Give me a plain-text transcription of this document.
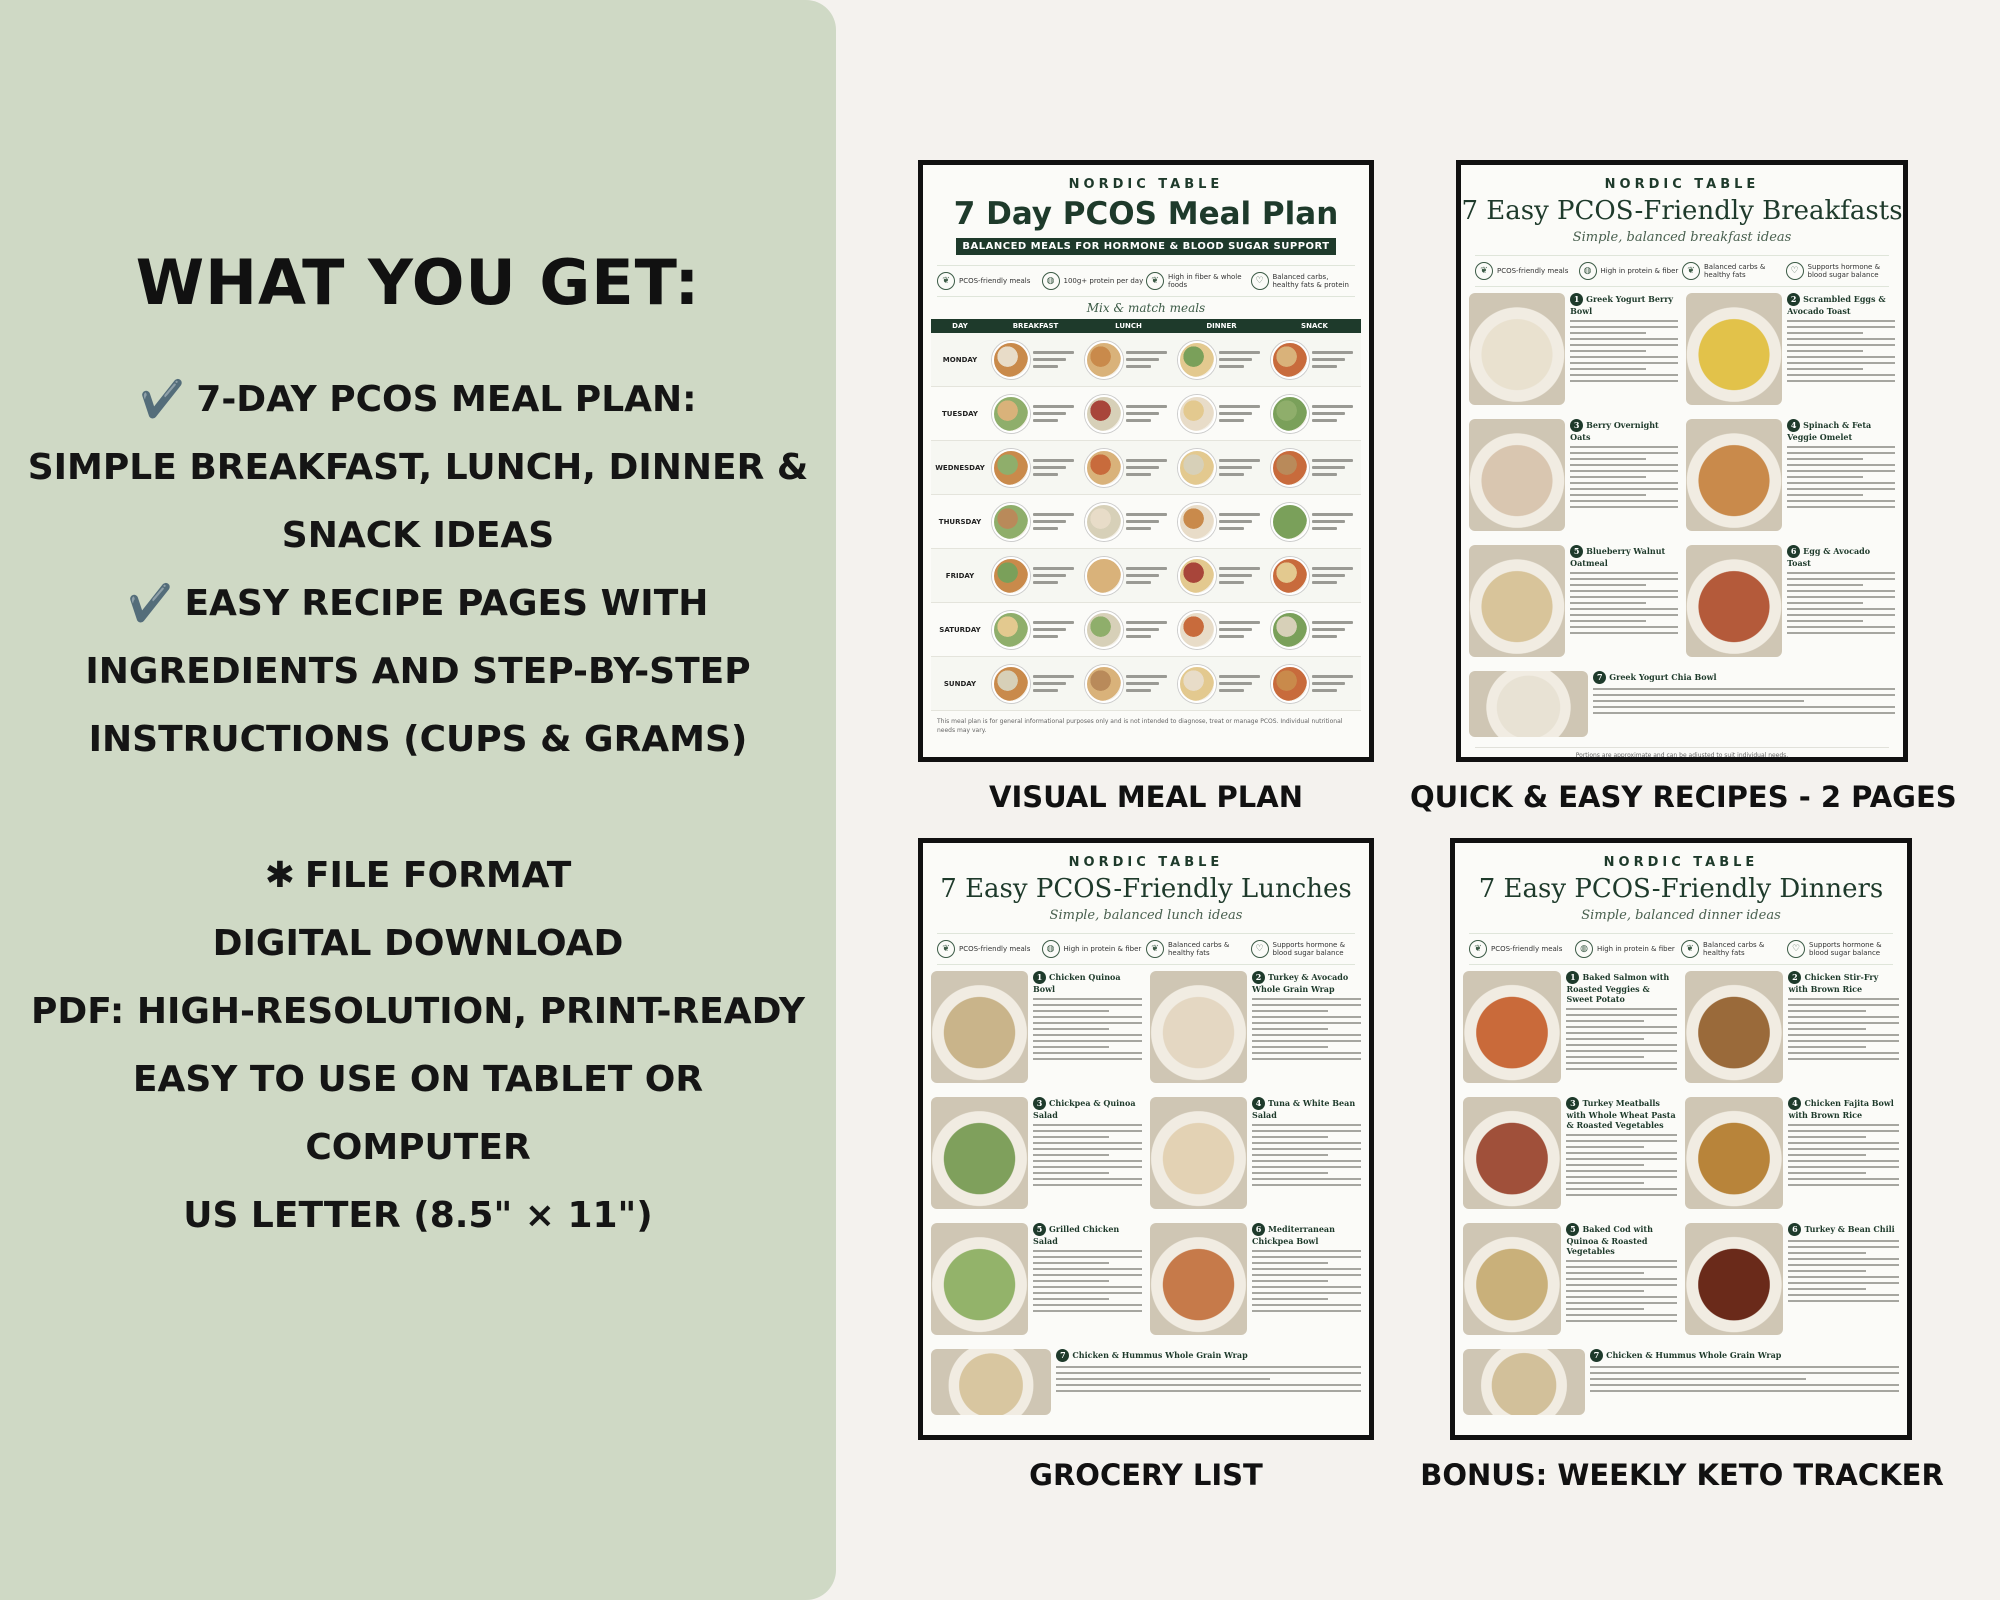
WHAT YOU GET:
✔️ 7-DAY PCOS MEAL PLAN:
SIMPLE BREAKFAST, LUNCH, DINNER &
SNACK IDEAS
✔️ EASY RECIPE PAGES WITH
INGREDIENTS AND STEP-BY-STEP
INSTRUCTIONS (CUPS & GRAMS)
✱ FILE FORMAT
DIGITAL DOWNLOAD
PDF: HIGH-RESOLUTION, PRINT-READY
EASY TO USE ON TABLET OR
COMPUTER
US LETTER (8.5" × 11")
NORDIC TABLE
7 Day PCOS Meal Plan
BALANCED MEALS FOR HORMONE & BLOOD SUGAR SUPPORT
❦	PCOS-friendly meals	◍	100g+ protein per day ❦	High in fiber & whole foods	♡	Balanced carbs, healthy fats & protein
Mix & match meals
DAY	BREAKFAST	LUNCH	DINNER	SNACK
MONDAY
TUESDAY
WEDNESDAY
THURSDAY
FRIDAY
SATURDAY
SUNDAY
This meal plan is for general informational purposes only and is not intended to diagnose, treat or manage PCOS. Individual nutritional needs may vary.
VISUAL MEAL PLAN
NORDIC TABLE
7 Easy PCOS-Friendly Breakfasts
Simple, balanced breakfast ideas
❦	PCOS-friendly meals	◍	High in protein & fiber ❦	Balanced carbs & healthy fats	♡	Supports hormone & blood sugar balance
1 Greek Yogurt Berry Bowl
2 Scrambled Eggs & Avocado Toast
3 Berry Overnight Oats
4 Spinach & Feta Veggie Omelet
5 Blueberry Walnut Oatmeal
6 Egg & Avocado Toast
7 Greek Yogurt Chia Bowl
Portions are approximate and can be adjusted to suit individual needs.
QUICK & EASY RECIPES - 2 PAGES
NORDIC TABLE
7 Easy PCOS-Friendly Lunches
Simple, balanced lunch ideas
❦	PCOS-friendly meals	◍	High in protein & fiber	❦	Balanced carbs & healthy fats	♡	Supports hormone & blood sugar balance
1 Chicken Quinoa Bowl
2 Turkey & Avocado Whole Grain Wrap
3 Chickpea & Quinoa Salad
4 Tuna & White Bean Salad
5 Grilled Chicken Salad
6 Mediterranean Chickpea Bowl
7 Chicken & Hummus Whole Grain Wrap
GROCERY LIST
NORDIC TABLE
7 Easy PCOS-Friendly Dinners
Simple, balanced dinner ideas
❦	PCOS-friendly meals	◍	High in protein & fiber	❦	Balanced carbs & healthy fats	♡	Supports hormone & blood sugar balance
1 Baked Salmon with Roasted Veggies & Sweet Potato
2 Chicken Stir-Fry with Brown Rice
3 Turkey Meatballs with Whole Wheat Pasta & Roasted Vegetables
4 Chicken Fajita Bowl with Brown Rice
5 Baked Cod with Quinoa & Roasted Vegetables
6 Turkey & Bean Chili
7 Chicken & Hummus Whole Grain Wrap
BONUS: WEEKLY KETO TRACKER
